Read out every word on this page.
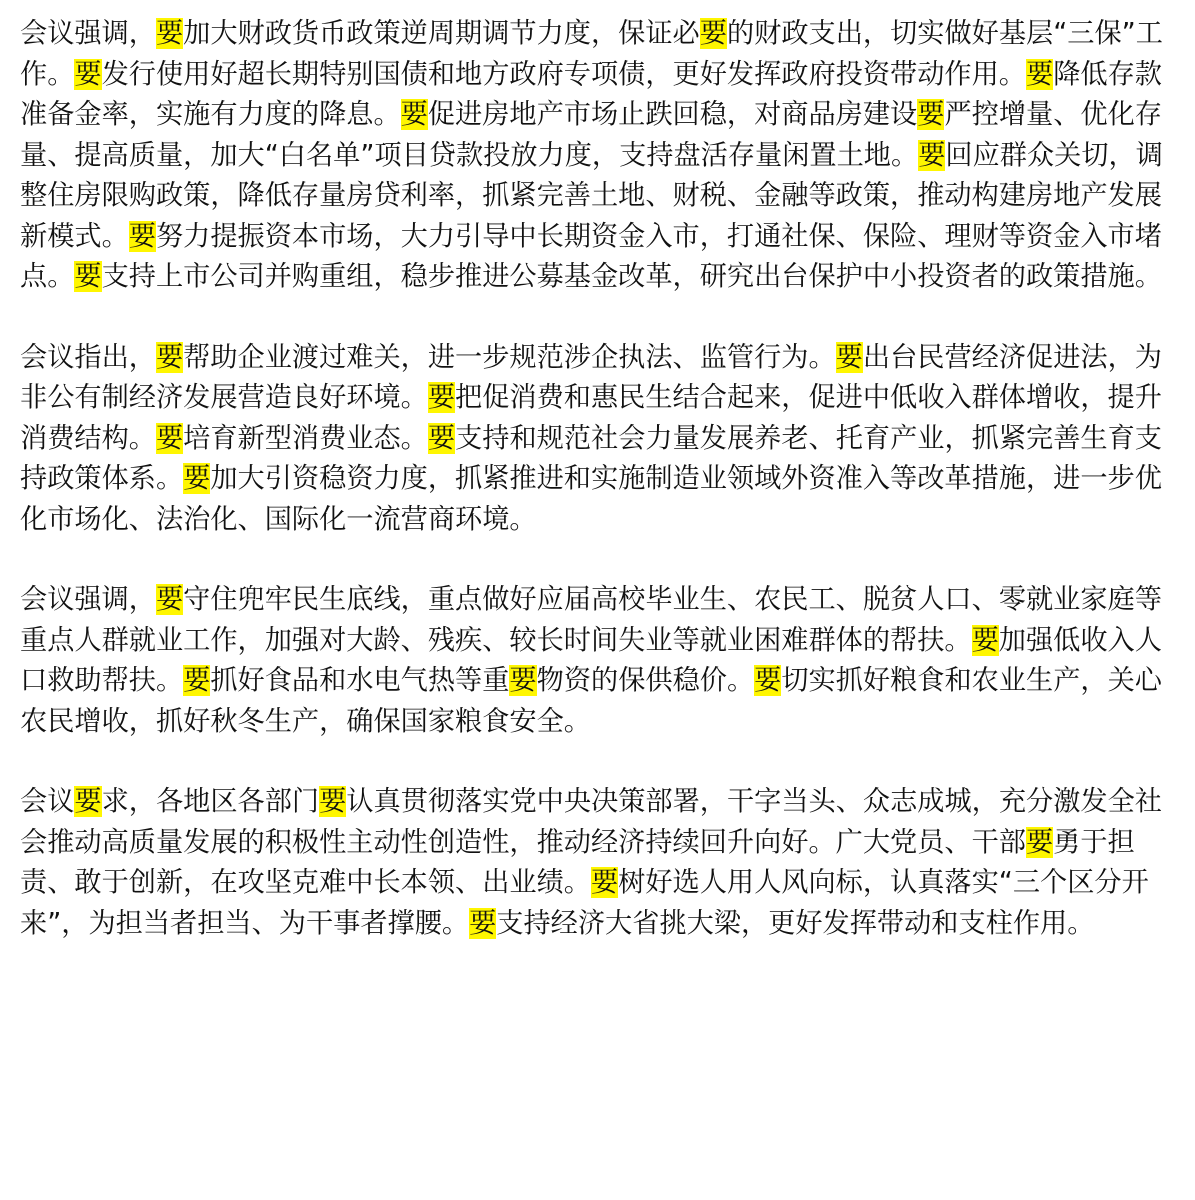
会议强调，要加大财政货币政策逆周期调节力度，保证必要的财政支出，切实做好基层“三保”工作。要发行使用好超长期特别国债和地方政府专项债，更好发挥政府投资带动作用。要降低存款准备金率，实施有力度的降息。要促进房地产市场止跌回稳，对商品房建设要严控增量、优化存量、提高质量，加大“白名单”项目贷款投放力度，支持盘活存量闲置土地。要回应群众关切，调整住房限购政策，降低存量房贷利率，抓紧完善土地、财税、金融等政策，推动构建房地产发展新模式。要努力提振资本市场，大力引导中长期资金入市，打通社保、保险、理财等资金入市堵点。要支持上市公司并购重组，稳步推进公募基金改革，研究出台保护中小投资者的政策措施。

会议指出，要帮助企业渡过难关，进一步规范涉企执法、监管行为。要出台民营经济促进法，为非公有制经济发展营造良好环境。要把促消费和惠民生结合起来，促进中低收入群体增收，提升消费结构。要培育新型消费业态。要支持和规范社会力量发展养老、托育产业，抓紧完善生育支持政策体系。要加大引资稳资力度，抓紧推进和实施制造业领域外资准入等改革措施，进一步优化市场化、法治化、国际化一流营商环境。

会议强调，要守住兜牢民生底线，重点做好应届高校毕业生、农民工、脱贫人口、零就业家庭等重点人群就业工作，加强对大龄、残疾、较长时间失业等就业困难群体的帮扶。要加强低收入人口救助帮扶。要抓好食品和水电气热等重要物资的保供稳价。要切实抓好粮食和农业生产，关心农民增收，抓好秋冬生产，确保国家粮食安全。

会议要求，各地区各部门要认真贯彻落实党中央决策部署，干字当头、众志成城，充分激发全社会推动高质量发展的积极性主动性创造性，推动经济持续回升向好。广大党员、干部要勇于担责、敢于创新，在攻坚克难中长本领、出业绩。要树好选人用人风向标，认真落实“三个区分开来”，为担当者担当、为干事者撑腰。要支持经济大省挑大梁，更好发挥带动和支柱作用。
